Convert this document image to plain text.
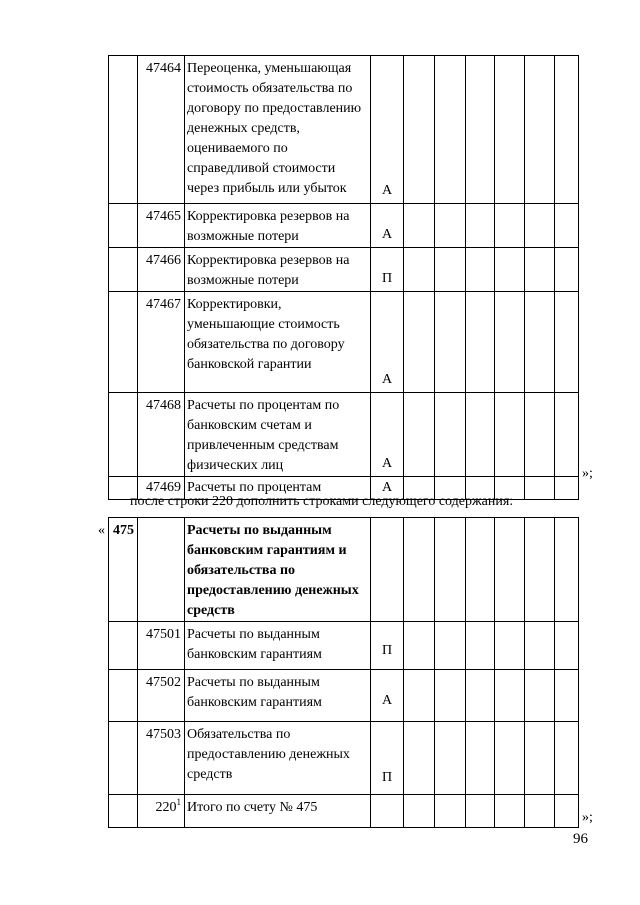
	47464	Переоценка, уменьшающая стоимость обязательства по договору по предоставлению денежных средств, оцениваемого по справедливой стоимости через прибыль или убыток	А						
	47465	Корректировка резервов на возможные потери	А						
	47466	Корректировка резервов на возможные потери	П						
	47467	Корректировки, уменьшающие стоимость обязательства по договору банковской гарантии	А						
	47468	Расчеты по процентам по банковским счетам и привлеченным средствам физических лиц	А						
	47469	Расчеты по процентам	А						
»;
после строки 220 дополнить строками следующего содержания:
« 475		Расчеты по выданным банковским гарантиям и обязательства по предоставлению денежных средств							
	47501	Расчеты по выданным банковским гарантиям	П						
	47502	Расчеты по выданным банковским гарантиям	А						
	47503	Обязательства по предоставлению денежных средств	П						
	$220^1$	Итого по счету № 475							
»;
96
